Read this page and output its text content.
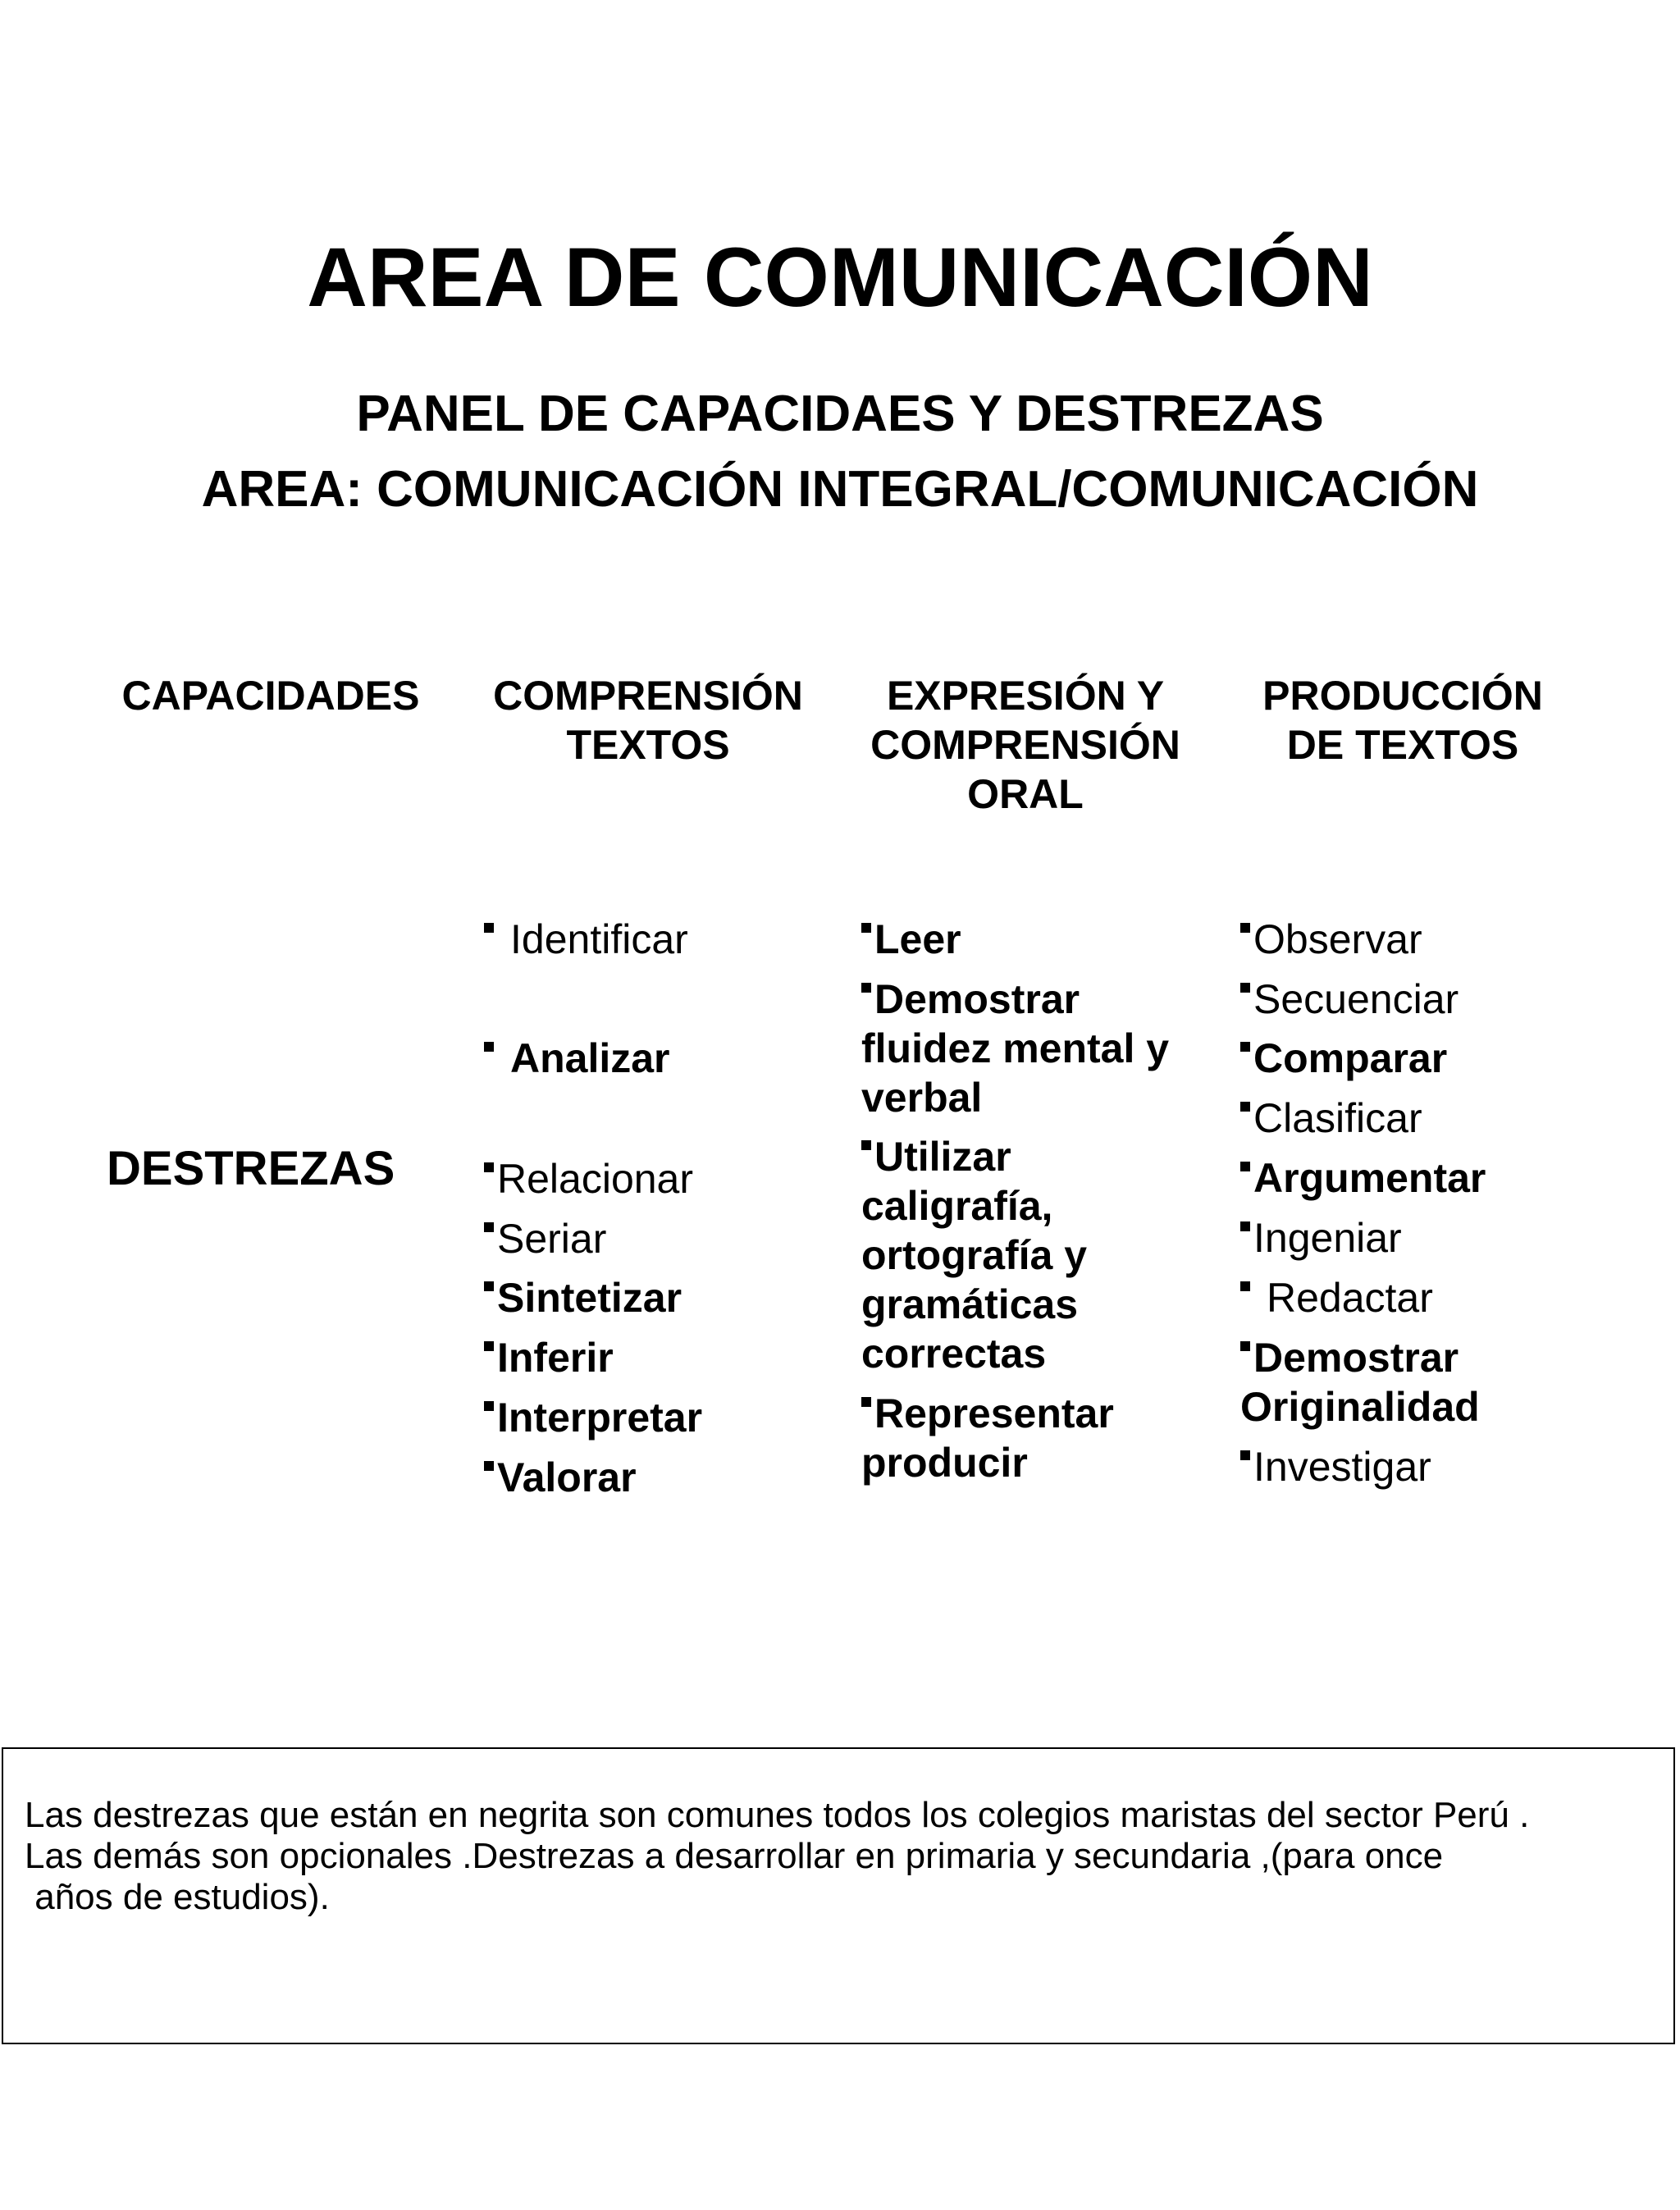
AREA DE COMUNICACIÓN
PANEL DE CAPACIDAES Y DESTREZAS
AREA: COMUNICACIÓN INTEGRAL/COMUNICACIÓN
CAPACIDADES	COMPRENSIÓN
TEXTOS
EXPRESIÓN Y
COMPRENSIÓN
ORAL
PRODUCCIÓN
DE TEXTOS
DESTREZAS
Identificar
Analizar
Relacionar
Seriar
Sintetizar
Inferir
Interpretar
Valorar
Leer
Demostrar
fluidez mental y
verbal
Utilizar
caligrafía,
ortografía y
gramáticas
correctas
Representar
producir
Observar
Secuenciar
Comparar
Clasificar
Argumentar
Ingeniar
Redactar
Demostrar
Originalidad
Investigar

Las destrezas que están en negrita son comunes todos los colegios maristas del sector Perú .
Las demás son opcionales .Destrezas a desarrollar en primaria y secundaria ,(para once
años de estudios).
